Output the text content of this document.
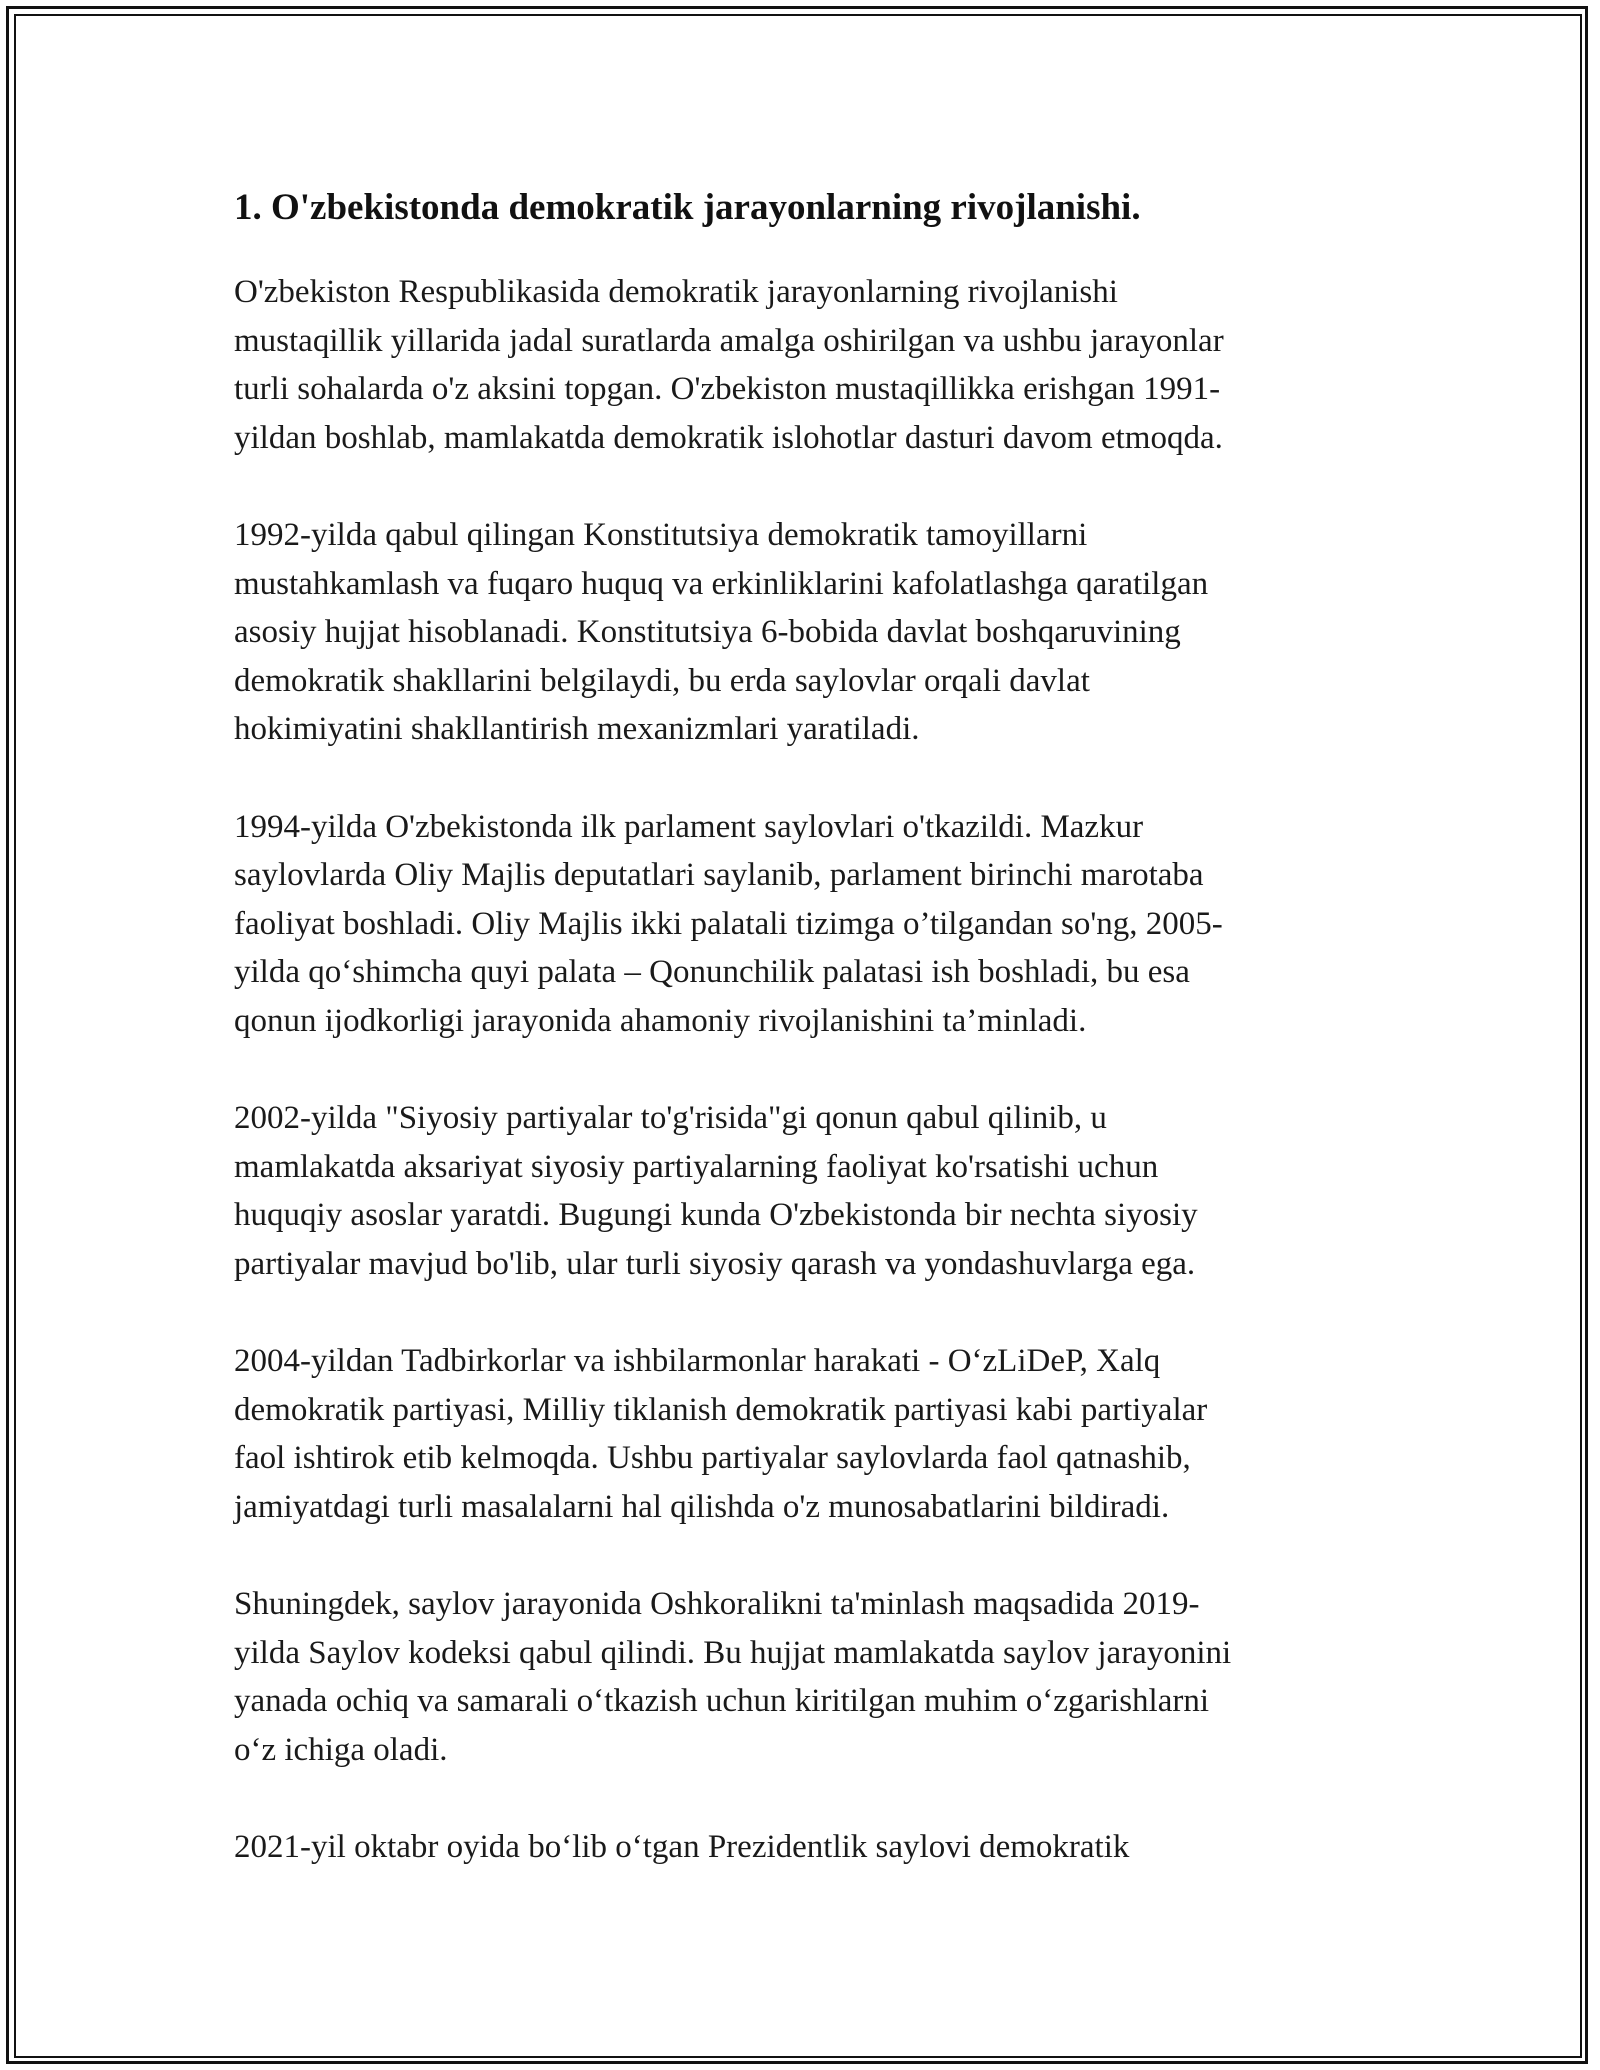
1. O'zbekistonda demokratik jarayonlarning rivojlanishi.

O'zbekiston Respublikasida demokratik jarayonlarning rivojlanishi
mustaqillik yillarida jadal suratlarda amalga oshirilgan va ushbu jarayonlar
turli sohalarda o'z aksini topgan. O'zbekiston mustaqillikka erishgan 1991-
yildan boshlab, mamlakatda demokratik islohotlar dasturi davom etmoqda.

1992-yilda qabul qilingan Konstitutsiya demokratik tamoyillarni
mustahkamlash va fuqaro huquq va erkinliklarini kafolatlashga qaratilgan
asosiy hujjat hisoblanadi. Konstitutsiya 6-bobida davlat boshqaruvining
demokratik shakllarini belgilaydi, bu erda saylovlar orqali davlat
hokimiyatini shakllantirish mexanizmlari yaratiladi.

1994-yilda O'zbekistonda ilk parlament saylovlari o'tkazildi. Mazkur
saylovlarda Oliy Majlis deputatlari saylanib, parlament birinchi marotaba
faoliyat boshladi. Oliy Majlis ikki palatali tizimga o’tilgandan so'ng, 2005-
yilda qo‘shimcha quyi palata – Qonunchilik palatasi ish boshladi, bu esa
qonun ijodkorligi jarayonida ahamoniy rivojlanishini ta’minladi.

2002-yilda "Siyosiy partiyalar to'g'risida"gi qonun qabul qilinib, u
mamlakatda aksariyat siyosiy partiyalarning faoliyat ko'rsatishi uchun
huquqiy asoslar yaratdi. Bugungi kunda O'zbekistonda bir nechta siyosiy
partiyalar mavjud bo'lib, ular turli siyosiy qarash va yondashuvlarga ega.

2004-yildan Tadbirkorlar va ishbilarmonlar harakati - O‘zLiDeP, Xalq
demokratik partiyasi, Milliy tiklanish demokratik partiyasi kabi partiyalar
faol ishtirok etib kelmoqda. Ushbu partiyalar saylovlarda faol qatnashib,
jamiyatdagi turli masalalarni hal qilishda o'z munosabatlarini bildiradi.

Shuningdek, saylov jarayonida Oshkoralikni ta'minlash maqsadida 2019-
yilda Saylov kodeksi qabul qilindi. Bu hujjat mamlakatda saylov jarayonini
yanada ochiq va samarali o‘tkazish uchun kiritilgan muhim o‘zgarishlarni
o‘z ichiga oladi.

2021-yil oktabr oyida bo‘lib o‘tgan Prezidentlik saylovi demokratik
